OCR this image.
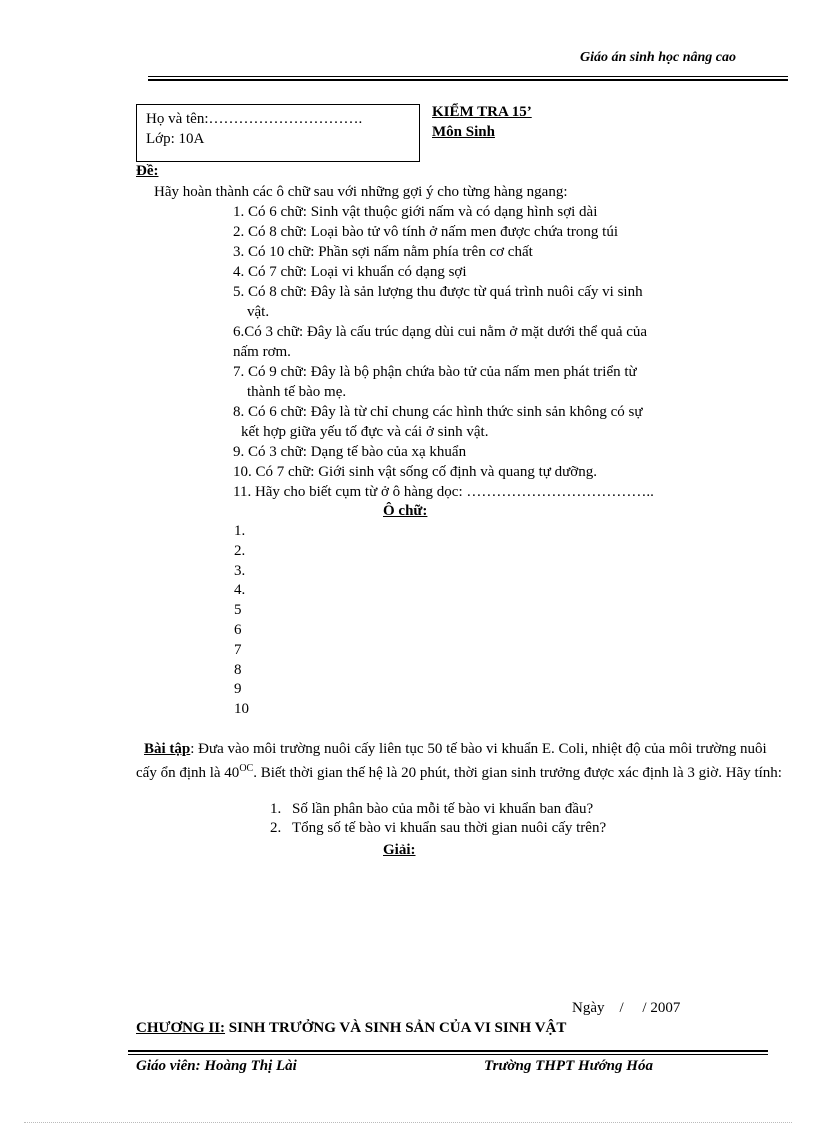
Giáo án sinh học nâng cao
Họ và tên:………………………….
Lớp: 10A
KIỂM TRA 15’
Môn Sinh
Đề:
Hãy hoàn thành các ô chữ sau với những gợi ý cho từng hàng ngang:
1. Có 6 chữ: Sinh vật thuộc giới nấm và có dạng hình sợi dài
2. Có 8 chữ: Loại bào tử vô tính ở nấm men được chứa trong túi
3. Có 10 chữ: Phần sợi nấm nằm phía trên cơ chất
4. Có 7 chữ: Loại vi khuẩn có dạng sợi
5. Có 8 chữ: Đây là sản lượng thu được từ quá trình nuôi cấy vi sinh
vật.
6.Có 3 chữ: Đây là cấu trúc dạng dùi cui nằm ở mặt dưới thể quả của
nấm rơm.
7. Có 9 chữ: Đây là bộ phận chứa bào tử của nấm men phát triển từ
thành tế bào mẹ.
8. Có 6 chữ: Đây là từ chỉ chung các hình thức sinh sản không có sự
kết hợp giữa yếu tố đực và cái ở sinh vật.
9. Có 3 chữ: Dạng tế bào của xạ khuẩn
10. Có 7 chữ: Giới sinh vật sống cố định và quang tự dưỡng.
11. Hãy cho biết cụm từ ở ô hàng dọc: ………………………………..
Ô chữ:
1.
2.
3.
4.
5
6
7
8
9
10
Bài tập: Đưa vào môi trường nuôi cấy liên tục 50 tế bào vi khuẩn E. Coli, nhiệt độ của môi trường nuôi cấy ổn định là $40^{OC}$. Biết thời gian thế hệ là 20 phút, thời gian sinh trưởng được xác định là 3 giờ. Hãy tính:
1. Số lần phân bào của mỗi tế bào vi khuẩn ban đầu?
2. Tổng số tế bào vi khuẩn sau thời gian nuôi cấy trên?
Giải:
Ngày    /     / 2007
CHƯƠNG II: SINH TRƯỞNG VÀ SINH SẢN CỦA VI SINH VẬT
Giáo viên: Hoàng Thị Lài	Trường THPT Hướng Hóa
